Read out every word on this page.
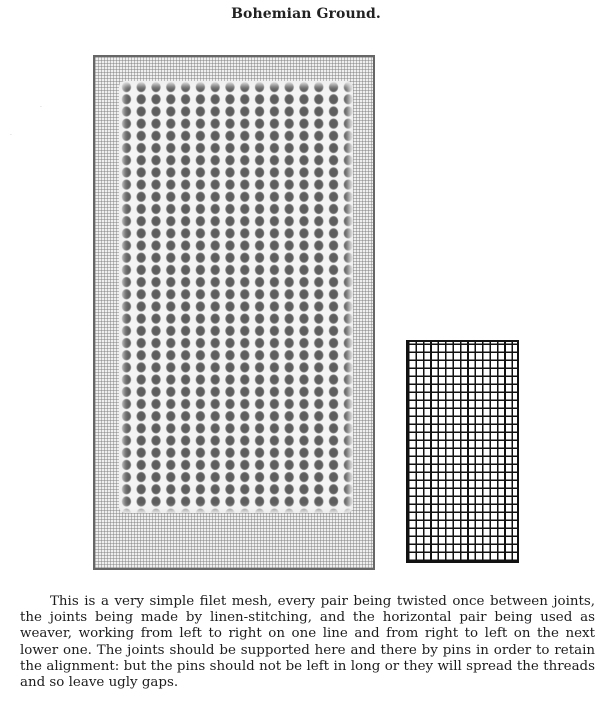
Bohemian Ground.

This is a very simple filet mesh, every pair being twisted once between joints, the joints being made by linen-stitching, and the horizontal pair being used as weaver, working from left to right on one line and from right to left on the next lower one. The joints should be supported here and there by pins in order to retain the alignment: but the pins should not be left in long or they will spread the threads and so leave ugly gaps.

·
·
